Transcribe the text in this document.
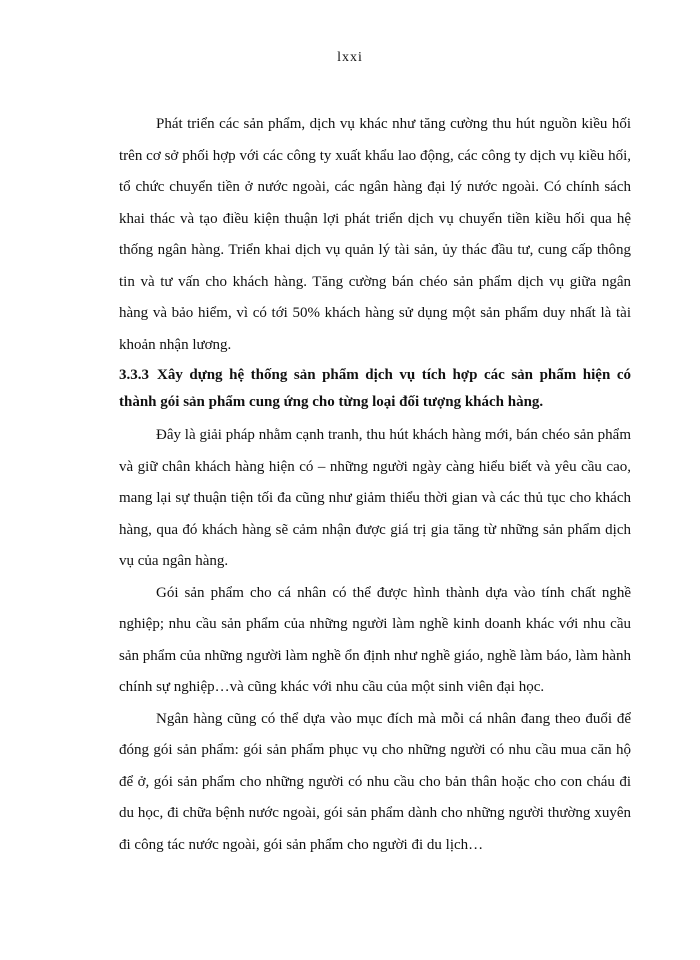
lxxi

Phát triển các sản phẩm, dịch vụ khác như tăng cường thu hút nguồn kiều hối trên cơ sở phối hợp với các công ty xuất khẩu lao động, các công ty dịch vụ kiều hối, tổ chức chuyển tiền ở nước ngoài, các ngân hàng đại lý nước ngoài. Có chính sách khai thác và tạo điều kiện thuận lợi phát triển dịch vụ chuyển tiền kiều hối qua hệ thống ngân hàng. Triển khai dịch vụ quản lý tài sản, ủy thác đầu tư, cung cấp thông tin và tư vấn cho khách hàng. Tăng cường bán chéo sản phẩm dịch vụ giữa ngân hàng và bảo hiểm, vì có tới 50% khách hàng sử dụng một sản phẩm duy nhất là tài khoản nhận lương.

3.3.3 Xây dựng hệ thống sản phẩm dịch vụ tích hợp các sản phẩm hiện có thành gói sản phẩm cung ứng cho từng loại đối tượng khách hàng.

Đây là giải pháp nhằm cạnh tranh, thu hút khách hàng mới, bán chéo sản phẩm và giữ chân khách hàng hiện có – những người ngày càng hiểu biết và yêu cầu cao, mang lại sự thuận tiện tối đa cũng như giảm thiểu thời gian và các thủ tục cho khách hàng, qua đó khách hàng sẽ cảm nhận được giá trị gia tăng từ những sản phẩm dịch vụ của ngân hàng.

Gói sản phẩm cho cá nhân có thể được hình thành dựa vào tính chất nghề nghiệp; nhu cầu sản phẩm của những người làm nghề kinh doanh khác với nhu cầu sản phẩm của những người làm nghề ổn định như nghề giáo, nghề làm báo, làm hành chính sự nghiệp…và cũng khác với nhu cầu của một sinh viên đại học.

Ngân hàng cũng có thể dựa vào mục đích mà mỗi cá nhân đang theo đuổi để đóng gói sản phẩm: gói sản phẩm phục vụ cho những người có nhu cầu mua căn hộ để ở, gói sản phẩm cho những người có nhu cầu cho bản thân hoặc cho con cháu đi du học, đi chữa bệnh nước ngoài, gói sản phẩm dành cho những người thường xuyên đi công tác nước ngoài, gói sản phẩm cho người đi du lịch…
